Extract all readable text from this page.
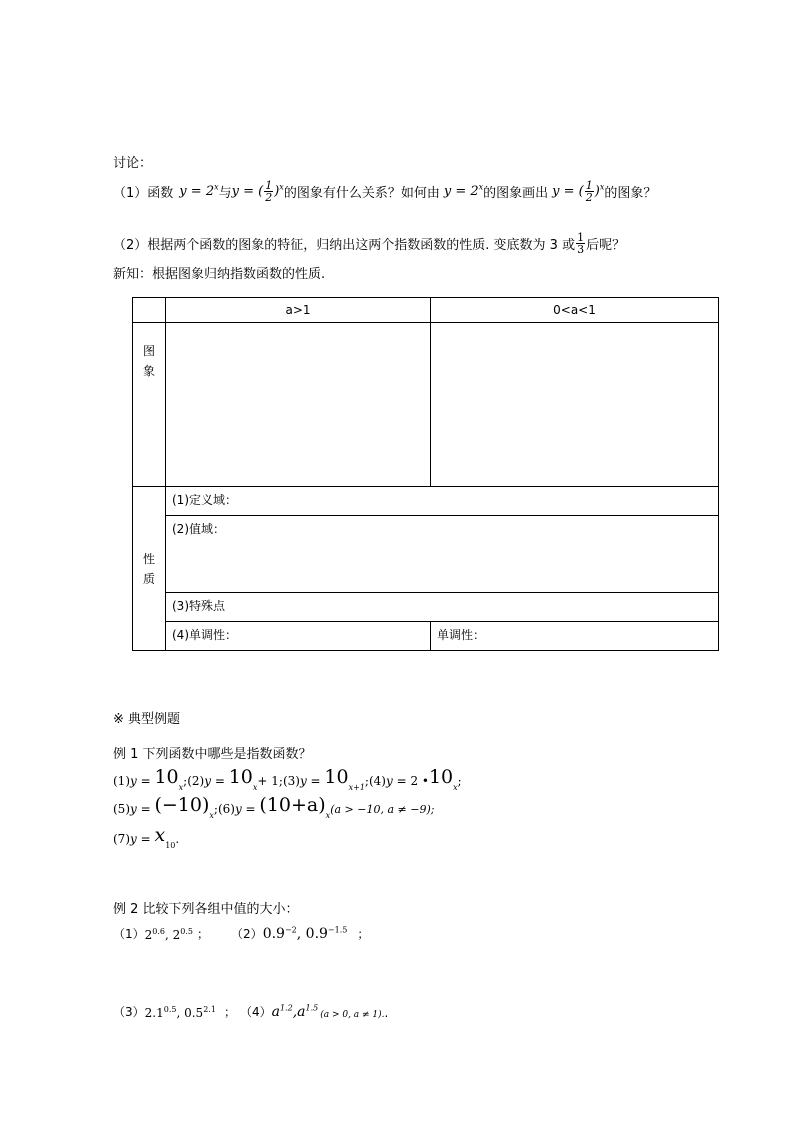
讨论：
（1） 函数 $y = 2^x$ 与 y = ( $\frac{1}{2} )^x$ 的图象有什么关系？如何由 $y = 2^x$ 的图象画出 y = ( $\frac{1}{2} )^x$ 的图象？
（2） 根据两个函数的图象的特征，归纳出这两个指数函数的性质. 变底数为 3 或 $\frac{1}{3}$ 后呢？
新知：根据图象归纳指数函数的性质.
	a>1	0<a<1
图象		
性质	(1)定义域：	
	(2)值域：	
	(3)特殊点	
	(4)单调性：	单调性：
※ 典型例题
例 1 下列函数中哪些是指数函数？
(1) y = 10 x ;(2) y = 10 x + 1 ;(3) y = 10 x+1 ;(4) y = 2 • 10 x ;
(5) y = (−10) x ;(6) y = (10+a) x (a > −10, a ≠ −9);
(7) y = x 10 .
例 2 比较下列各组中值的大小：
（1） $2^{0.6}$, $2^{0.5}$ ； （2） $0.9^{-2}$, $0.9^{-1.5}$ ；
（3） $2.1^{0.5}$, $0.5^{2.1}$ ； （4） $a^{1.2},a^{1.5}$
(a > 0, a ≠ 1). .
